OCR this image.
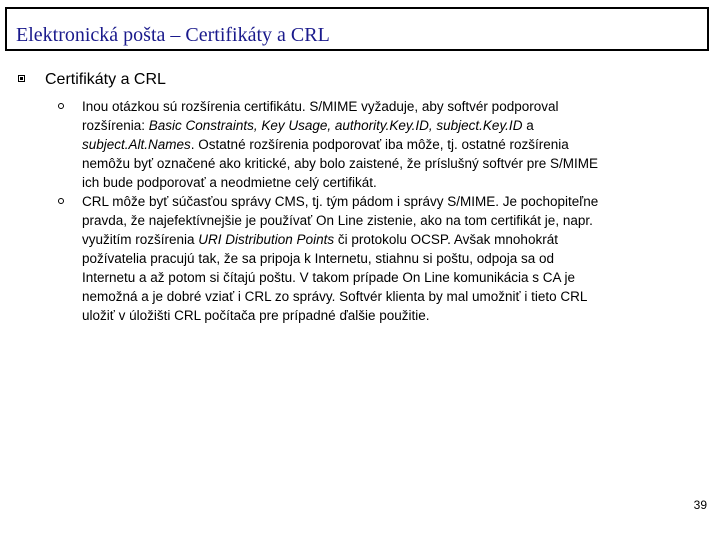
Elektronická pošta – Certifikáty a CRL
Certifikáty a CRL
Inou otázkou sú rozšírenia certifikátu. S/MIME vyžaduje, aby softvér podporoval
rozšírenia: Basic Constraints, Key Usage, authority.Key.ID, subject.Key.ID a
subject.Alt.Names. Ostatné rozšírenia podporovať iba môže, tj. ostatné rozšírenia
nemôžu byť označené ako kritické, aby bolo zaistené, že príslušný softvér pre S/MIME
ich bude podporovať a neodmietne celý certifikát.
CRL môže byť súčasťou správy CMS, tj. tým pádom i správy S/MIME. Je pochopiteľne
pravda, že najefektívnejšie je používať On Line zistenie, ako na tom certifikát je, napr.
využitím rozšírenia URI Distribution Points či protokolu OCSP. Avšak mnohokrát
požívatelia pracujú tak, že sa pripoja k Internetu, stiahnu si poštu, odpoja sa od
Internetu a až potom si čítajú poštu. V takom prípade On Line komunikácia s CA je
nemožná a je dobré vziať i CRL zo správy. Softvér klienta by mal umožniť i tieto CRL
uložiť v úložišti CRL počítača pre prípadné ďalšie použitie.
39
